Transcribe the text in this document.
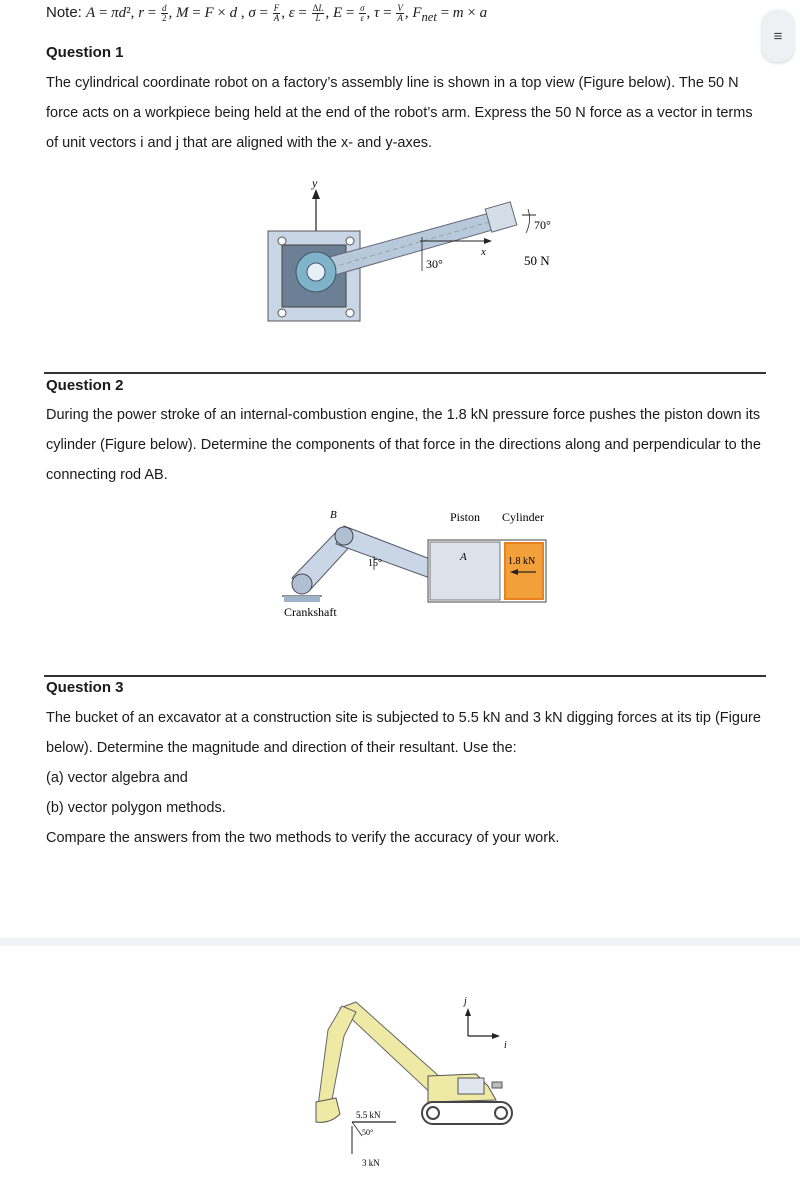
Note: A = πd², $r = \frac{d}{2}$ , M = F × d , $\sigma = \frac{F}{A}$ , $\varepsilon = \frac{\Delta L}{L}$ , $E = \frac{\sigma}{\varepsilon}$ , $\tau = \frac{V}{A}$ , $F_{net} = m \times a$
≡
Question 1

The cylindrical coordinate robot on a factory’s assembly line is shown in a top view (Figure below). The 50 N force acts on a workpiece being held at the end of the robot’s arm. Express the 50 N force as a vector in terms of unit vectors i and j that are aligned with the x- and y-axes.

y
x
30°
70°
50 N
Question 2

During the power stroke of an internal-combustion engine, the 1.8 kN pressure force pushes the piston down its cylinder (Figure below). Determine the components of that force in the directions along and perpendicular to the connecting rod AB.

B
15°	1.8 kN
A
Piston Cylinder
Crankshaft
Question 3

The bucket of an excavator at a construction site is subjected to 5.5 kN and 3 kN digging forces at its tip (Figure below). Determine the magnitude and direction of their resultant. Use the:

(a) vector algebra and

(b) vector polygon methods.

Compare the answers from the two methods to verify the accuracy of your work.

j
i
5.5 kN
50°
3 kN
